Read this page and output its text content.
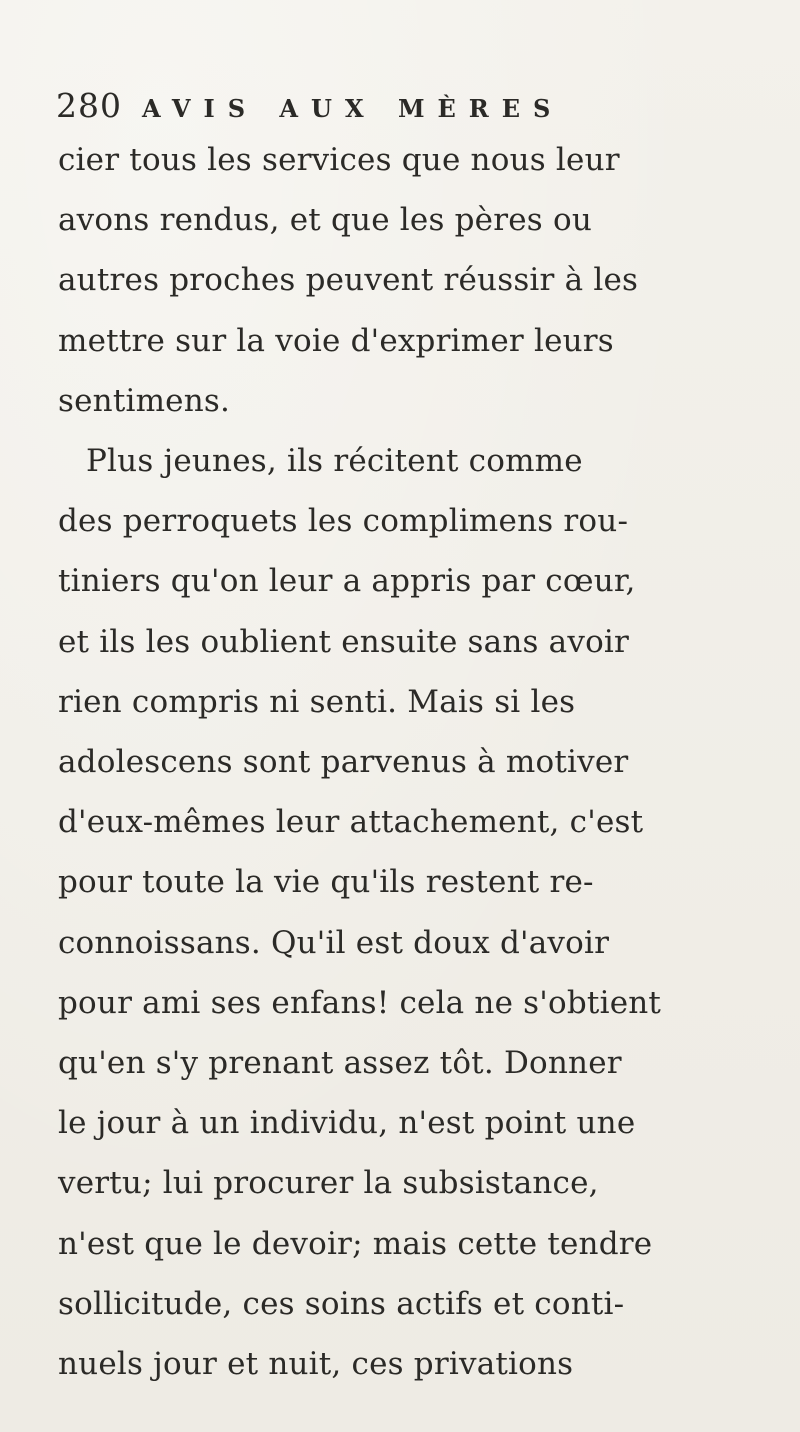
280 AVIS AUX MÈRES
cier tous les services que nous leur
avons rendus, et que les pères ou
autres proches peuvent réussir à les
mettre sur la voie d'exprimer leurs
sentimens.
Plus jeunes, ils récitent comme
des perroquets les complimens rou-
tiniers qu'on leur a appris par cœur,
et ils les oublient ensuite sans avoir
rien compris ni senti. Mais si les
adolescens sont parvenus à motiver
d'eux-mêmes leur attachement, c'est
pour toute la vie qu'ils restent re-
connoissans. Qu'il est doux d'avoir
pour ami ses enfans! cela ne s'obtient
qu'en s'y prenant assez tôt. Donner
le jour à un individu, n'est point une
vertu; lui procurer la subsistance,
n'est que le devoir; mais cette tendre
sollicitude, ces soins actifs et conti-
nuels jour et nuit, ces privations
